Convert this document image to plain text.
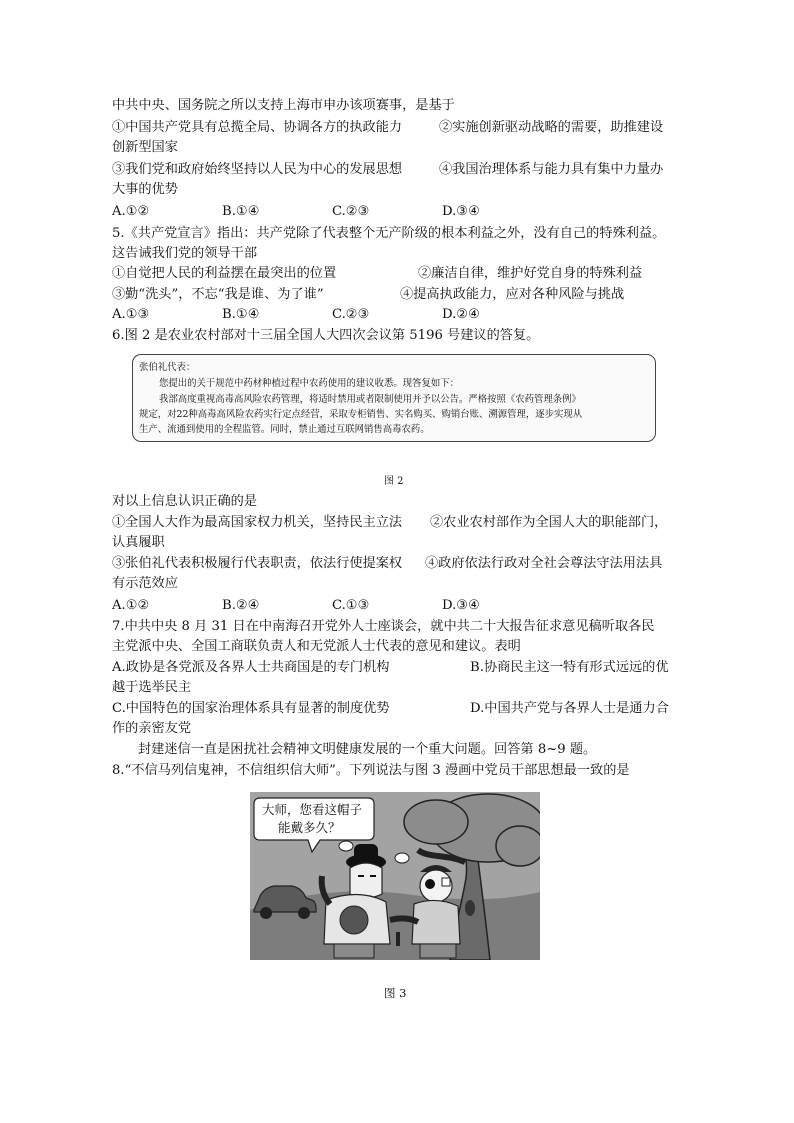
中共中央、国务院之所以支持上海市申办该项赛事，是基于
①中国共产党具有总揽全局、协调各方的执政能力	②实施创新驱动战略的需要，助推建设
创新型国家
③我们党和政府始终坚持以人民为中心的发展思想	④我国治理体系与能力具有集中力量办
大事的优势
A.①②	B.①④	C.②③	D.③④
5.《共产党宣言》指出：共产党除了代表整个无产阶级的根本利益之外，没有自己的特殊利益。
这告诫我们党的领导干部
①自觉把人民的利益摆在最突出的位置	②廉洁自律，维护好党自身的特殊利益
③勤“洗头”，不忘“我是谁、为了谁”	④提高执政能力，应对各种风险与挑战
A.①③	B.①④	C.②③	D.②④
6.图 2 是农业农村部对十三届全国人大四次会议第 5196 号建议的答复。
张伯礼代表：
您提出的关于规范中药材种植过程中农药使用的建议收悉。现答复如下：
我部高度重视高毒高风险农药管理，将适时禁用或者限制使用并予以公告。严格按照《农药管理条例》
规定，对22种高毒高风险农药实行定点经营，采取专柜销售、实名购买、购销台账、溯源管理，逐步实现从
生产、流通到使用的全程监管。同时，禁止通过互联网销售高毒农药。
图 2
对以上信息认识正确的是
①全国人大作为最高国家权力机关，坚持民主立法 ②农业农村部作为全国人大的职能部门，
认真履职
③张伯礼代表积极履行代表职责，依法行使提案权 ④政府依法行政对全社会尊法守法用法具
有示范效应
A.①②	B.②④	C.①③	D.③④
7.中共中央 8 月 31 日在中南海召开党外人士座谈会，就中共二十大报告征求意见稿听取各民
主党派中央、全国工商联负责人和无党派人士代表的意见和建议。表明
A.政协是各党派及各界人士共商国是的专门机构	B.协商民主这一特有形式远远的优
越于选举民主
C.中国特色的国家治理体系具有显著的制度优势	D.中国共产党与各界人士是通力合
作的亲密友党
封建迷信一直是困扰社会精神文明健康发展的一个重大问题。回答第 8~9 题。
8.“不信马列信鬼神，不信组织信大师”。下列说法与图 3 漫画中党员干部思想最一致的是
大师，您看这帽子
能戴多久？
图 3
